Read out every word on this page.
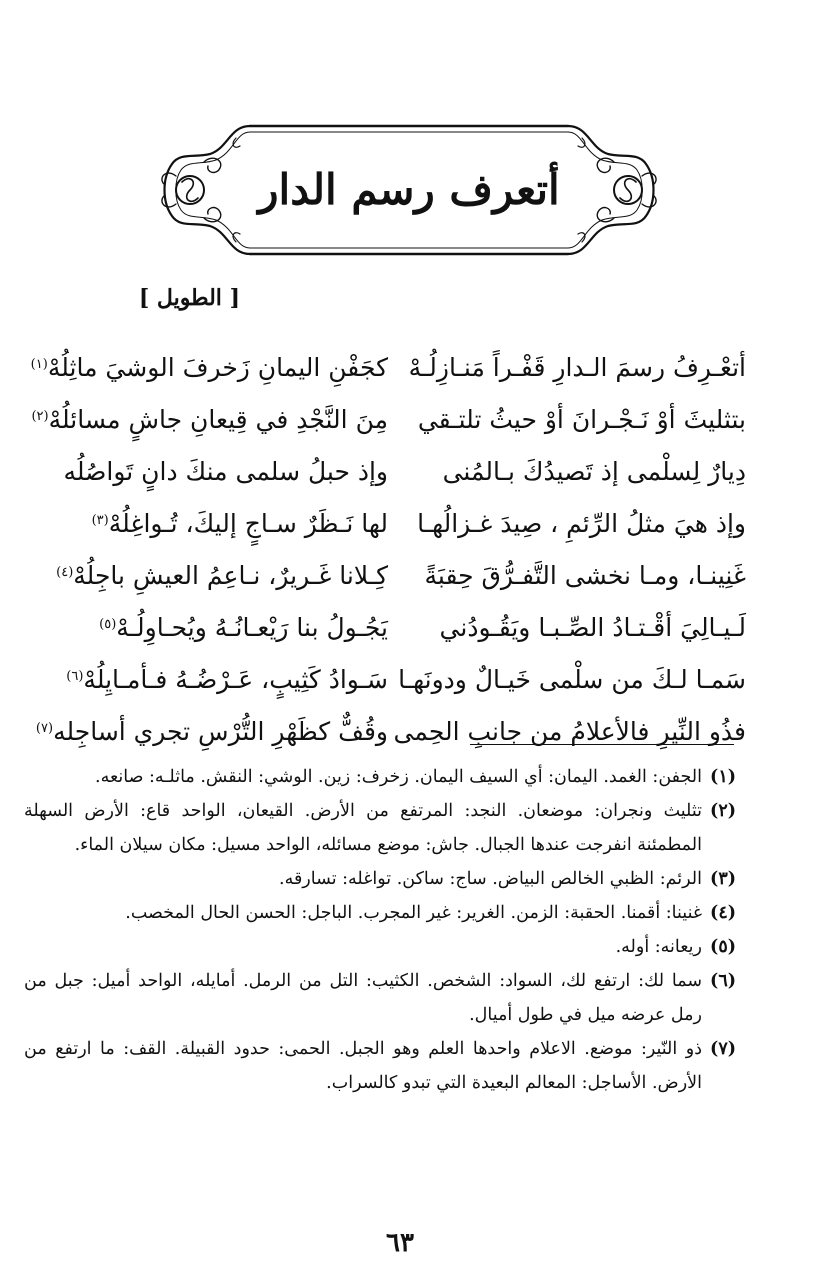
أتعرف رسم الدار
[ الطويل ]
أتعْـرِفُ رسمَ الـدارِ قَفْـراً مَنـازِلُـهْ
كجَفْنِ اليمانِ زَخرفَ الوشيَ ماثِلُهْ$^{(١)}$
بتثليثَ أوْ نَـجْـرانَ أوْ حيثُ تلتـقي
مِنَ النَّجْدِ في قِيعانِ جاشٍ مسائلُهْ$^{(٢)}$
دِيارٌ لِسلْمى إذ تَصيدُكَ بـالمُنى
وإذ حبلُ سلمى منكَ دانٍ تَواصُلُه
وإذ هيَ مثلُ الرِّئمِ ، صِيدَ غـزالُهـا
لها نَـظَرٌ سـاجٍ إليكَ، تُـواغِلُهْ$^{(٣)}$
غَنِينـا، ومـا نخشى التَّفـرُّقَ حِقبَةً
كِـلانا غَـريرٌ، نـاعِمُ العيشِ باجِلُهْ$^{(٤)}$
لَـيـالِيَ أقْـتـادُ الصِّـبـا ويَقُـودُني
يَجُـولُ بنا رَيْعـانُـهُ ويُحـاوِلُـهْ$^{(٥)}$
سَمـا لـكَ من سلْمى خَيـالٌ ودونَهـا
سَـوادُ كَثِيبٍ، عَـرْضُـهُ فـأمـايِلُهْ$^{(٦)}$
فذُو النِّيرِ فالأعلامُ من جانبِ الحِمى
وقُفٌّ كظَهْرِ التُّرْسِ تجري أساجِله$^{(٧)}$
(١)
الجفن: الغمد. اليمان: أي السيف اليمان. زخرف: زين. الوشي: النقش. ماثلـه: صانعه.
(٢)
تثليث ونجران: موضعان. النجد: المرتفع من الأرض. القيعان، الواحد قاع: الأرض السهلة المطمئنة انفرجت عندها الجبال. جاش: موضع مسائله، الواحد مسيل: مكان سيلان الماء.
(٣)
الرئم: الظبي الخالص البياض. ساج: ساكن. تواغله: تسارقه.
(٤)
غنينا: أقمنا. الحقبة: الزمن. الغرير: غير المجرب. الباجل: الحسن الحال المخصب.
(٥)
ريعانه: أوله.
(٦)
سما لك: ارتفع لك، السواد: الشخص. الكثيب: التل من الرمل. أمايله، الواحد أميل: جبل من رمل عرضه ميل في طول أميال.
(٧)
ذو النّير: موضع. الاعلام واحدها العلم وهو الجبل. الحمى: حدود القبيلة. القف: ما ارتفع من الأرض. الأساجل: المعالم البعيدة التي تبدو كالسراب.
٦٣
